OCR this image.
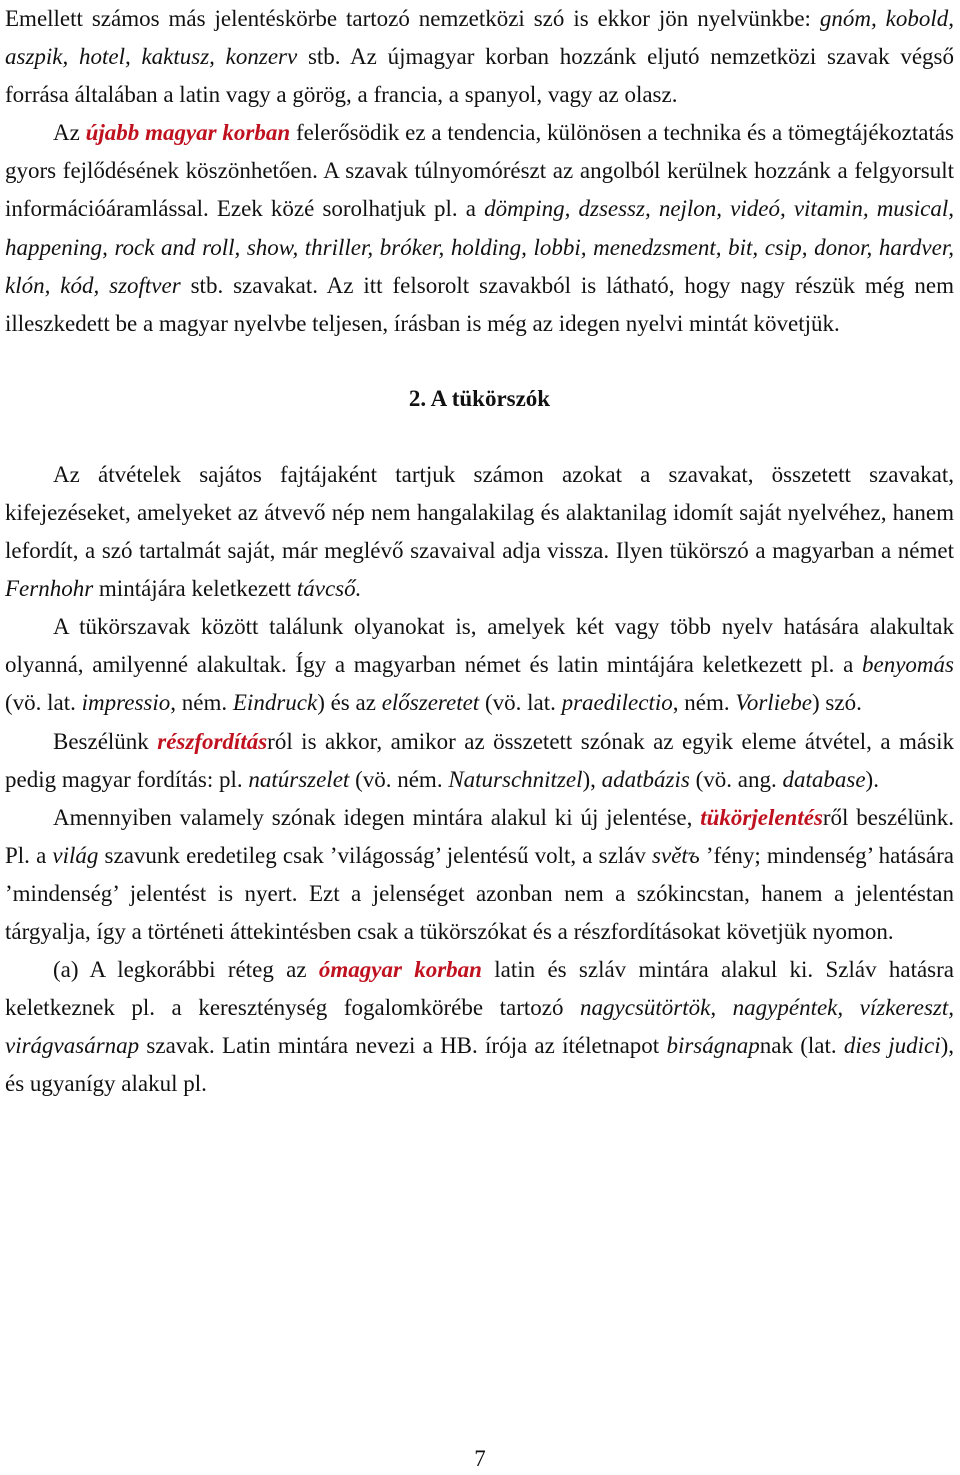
Emellett számos más jelentéskörbe tartozó nemzetközi szó is ekkor jön nyelvünkbe: gnóm, kobold, aszpik, hotel, kaktusz, konzerv stb. Az újmagyar korban hozzánk eljutó nemzetközi szavak végső forrása általában a latin vagy a görög, a francia, a spanyol, vagy az olasz.

Az újabb magyar korban felerősödik ez a tendencia, különösen a technika és a tömegtájékoztatás gyors fejlődésének köszönhetően. A szavak túlnyomórészt az angolból kerülnek hozzánk a felgyorsult információáramlással. Ezek közé sorolhatjuk pl. a dömping, dzsessz, nejlon, videó, vitamin, musical, happening, rock and roll, show, thriller, bróker, holding, lobbi, menedzsment, bit, csip, donor, hardver, klón, kód, szoftver stb. szavakat. Az itt felsorolt szavakból is látható, hogy nagy részük még nem illeszkedett be a magyar nyelvbe teljesen, írásban is még az idegen nyelvi mintát követjük.

2. A tükörszók

Az átvételek sajátos fajtájaként tartjuk számon azokat a szavakat, összetett szavakat, kifejezéseket, amelyeket az átvevő nép nem hangalakilag és alaktanilag idomít saját nyelvéhez, hanem lefordít, a szó tartalmát saját, már meglévő szavaival adja vissza. Ilyen tükörszó a magyarban a német Fernhohr mintájára keletkezett távcső.

A tükörszavak között találunk olyanokat is, amelyek két vagy több nyelv hatására alakultak olyanná, amilyenné alakultak. Így a magyarban német és latin mintájára keletkezett pl. a benyomás (vö. lat. impressio, ném. Eindruck) és az előszeretet (vö. lat. praedilectio, ném. Vorliebe) szó.

Beszélünk részfordításról is akkor, amikor az összetett szónak az egyik eleme átvétel, a másik pedig magyar fordítás: pl. natúrszelet (vö. ném. Naturschnitzel), adatbázis (vö. ang. database).

Amennyiben valamely szónak idegen mintára alakul ki új jelentése, tükörjelentésről beszélünk. Pl. a világ szavunk eredetileg csak ’világosság’ jelentésű volt, a szláv světъ ’fény; mindenség’ hatására ’mindenség’ jelentést is nyert. Ezt a jelenséget azonban nem a szókincstan, hanem a jelentéstan tárgyalja, így a történeti áttekintésben csak a tükörszókat és a részfordításokat követjük nyomon.

(a) A legkorábbi réteg az ómagyar korban latin és szláv mintára alakul ki. Szláv hatásra keletkeznek pl. a kereszténység fogalomkörébe tartozó nagycsütörtök, nagypéntek, vízkereszt, virágvasárnap szavak. Latin mintára nevezi a HB. írója az ítéletnapot birságnapnak (lat. dies judici), és ugyanígy alakul pl.

7
